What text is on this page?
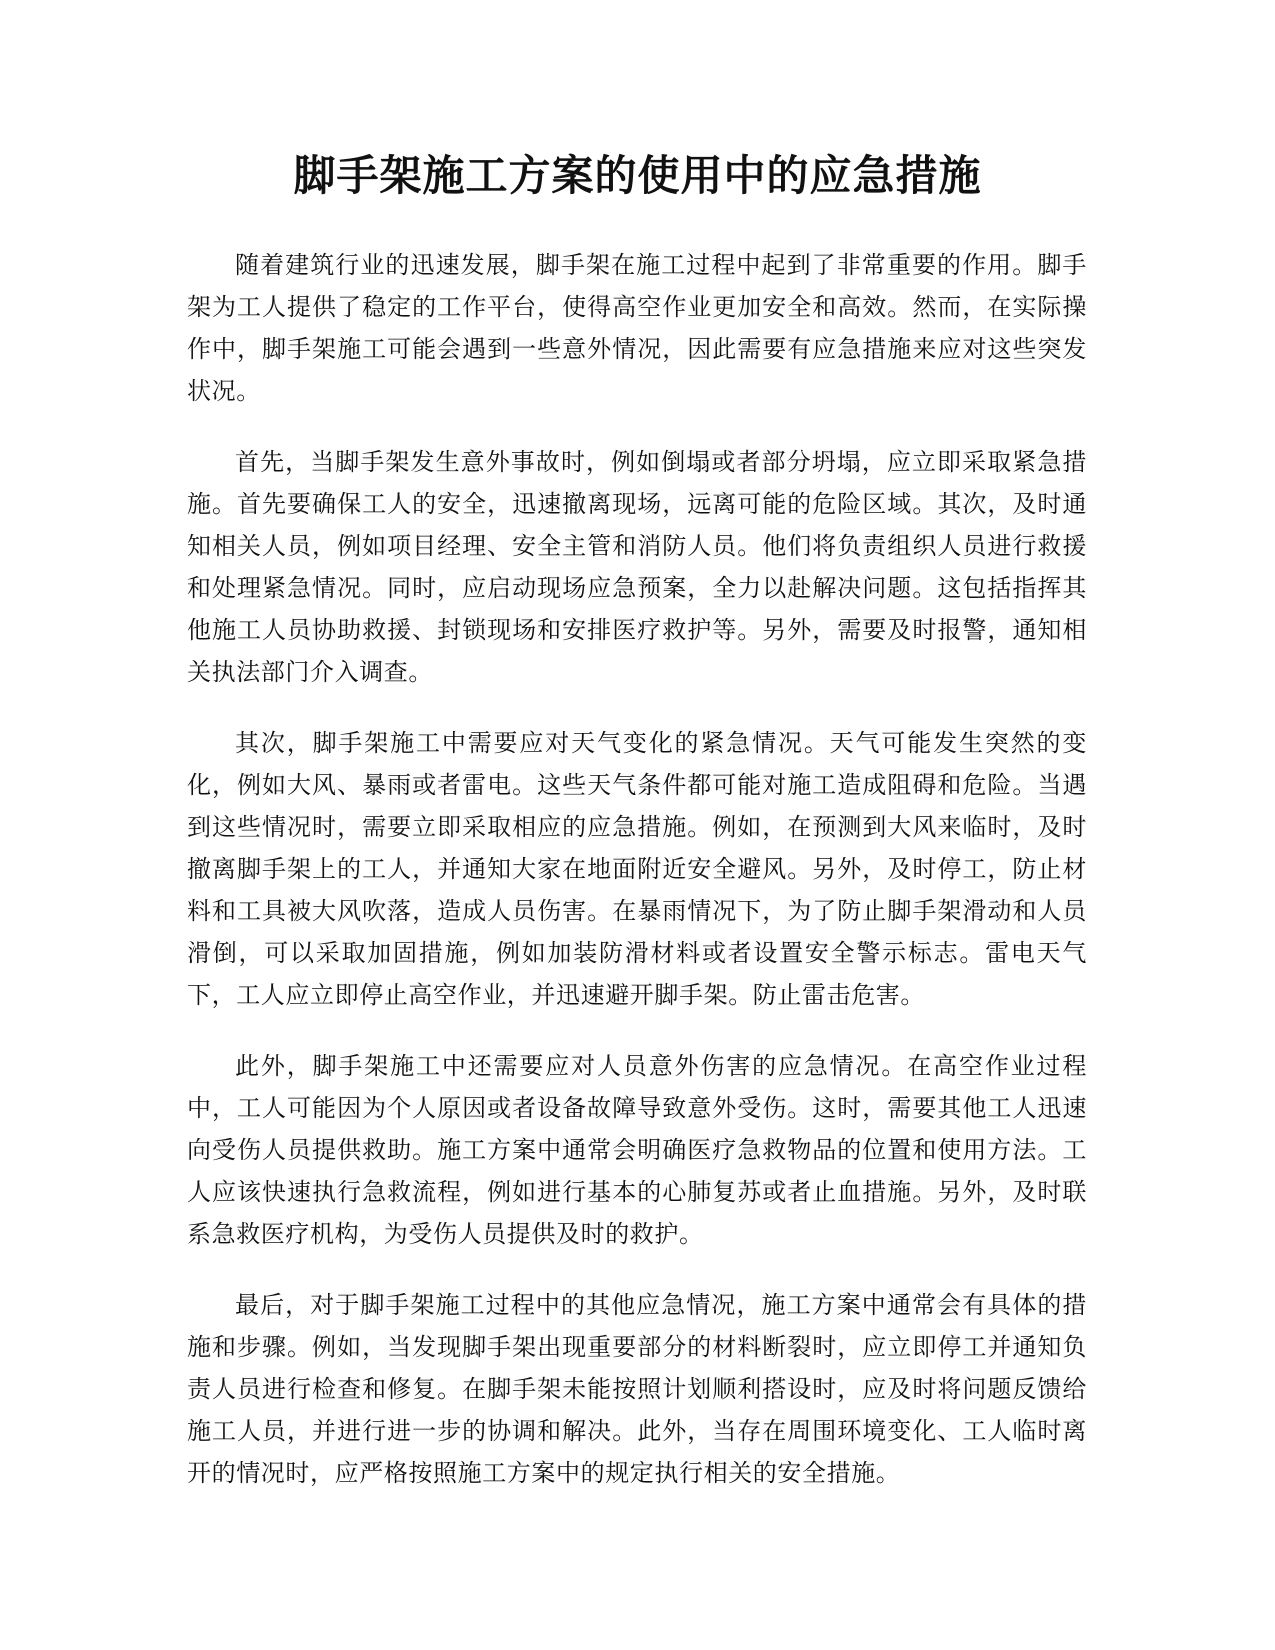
脚手架施工方案的使用中的应急措施

随着建筑行业的迅速发展，脚手架在施工过程中起到了非常重要的作用。脚手架为工人提供了稳定的工作平台，使得高空作业更加安全和高效。然而，在实际操作中，脚手架施工可能会遇到一些意外情况，因此需要有应急措施来应对这些突发状况。

首先，当脚手架发生意外事故时，例如倒塌或者部分坍塌，应立即采取紧急措施。首先要确保工人的安全，迅速撤离现场，远离可能的危险区域。其次，及时通知相关人员，例如项目经理、安全主管和消防人员。他们将负责组织人员进行救援和处理紧急情况。同时，应启动现场应急预案，全力以赴解决问题。这包括指挥其他施工人员协助救援、封锁现场和安排医疗救护等。另外，需要及时报警，通知相关执法部门介入调查。

其次，脚手架施工中需要应对天气变化的紧急情况。天气可能发生突然的变化，例如大风、暴雨或者雷电。这些天气条件都可能对施工造成阻碍和危险。当遇到这些情况时，需要立即采取相应的应急措施。例如，在预测到大风来临时，及时撤离脚手架上的工人，并通知大家在地面附近安全避风。另外，及时停工，防止材料和工具被大风吹落，造成人员伤害。在暴雨情况下，为了防止脚手架滑动和人员滑倒，可以采取加固措施，例如加装防滑材料或者设置安全警示标志。雷电天气下，工人应立即停止高空作业，并迅速避开脚手架。防止雷击危害。

此外，脚手架施工中还需要应对人员意外伤害的应急情况。在高空作业过程中，工人可能因为个人原因或者设备故障导致意外受伤。这时，需要其他工人迅速向受伤人员提供救助。施工方案中通常会明确医疗急救物品的位置和使用方法。工人应该快速执行急救流程，例如进行基本的心肺复苏或者止血措施。另外，及时联系急救医疗机构，为受伤人员提供及时的救护。

最后，对于脚手架施工过程中的其他应急情况，施工方案中通常会有具体的措施和步骤。例如，当发现脚手架出现重要部分的材料断裂时，应立即停工并通知负责人员进行检查和修复。在脚手架未能按照计划顺利搭设时，应及时将问题反馈给施工人员，并进行进一步的协调和解决。此外，当存在周围环境变化、工人临时离开的情况时，应严格按照施工方案中的规定执行相关的安全措施。
